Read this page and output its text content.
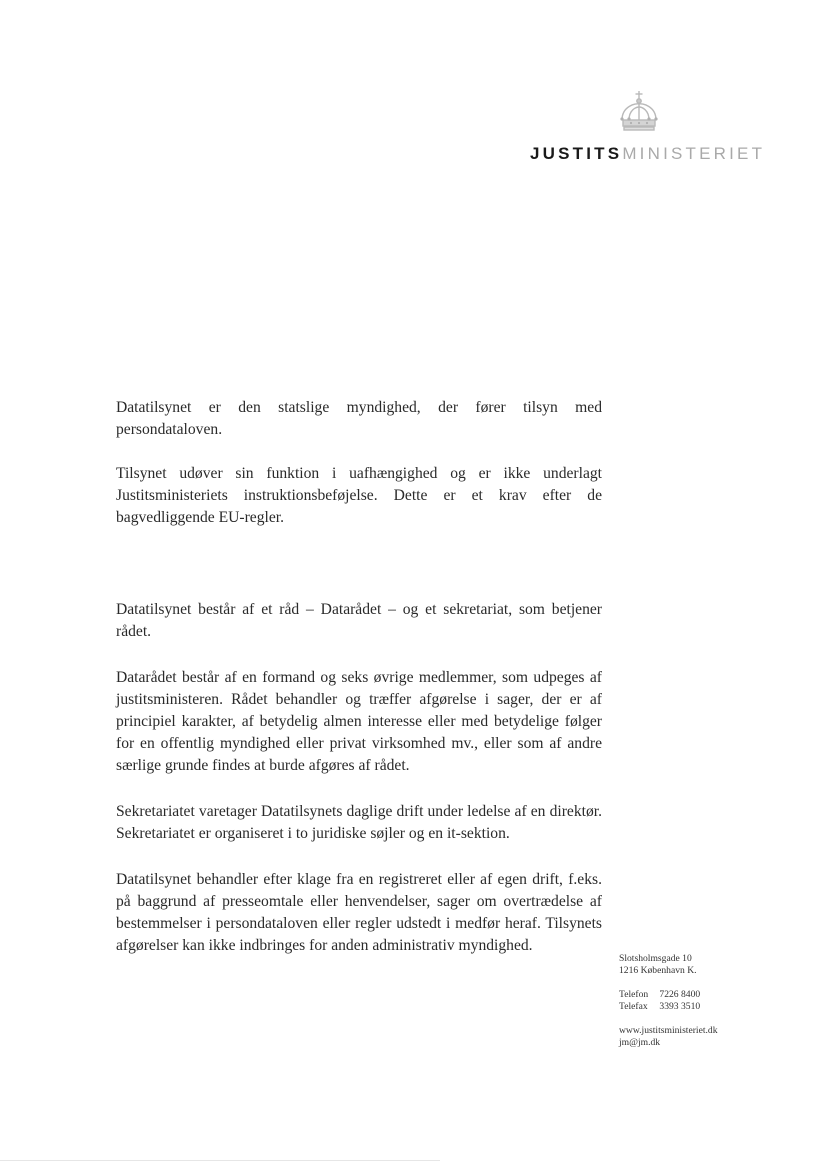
JUSTITSMINISTERIET

Datatilsynet er den statslige myndighed, der fører tilsyn med persondataloven.

Tilsynet udøver sin funktion i uafhængighed og er ikke underlagt Justitsministeriets instruktionsbeføjelse. Dette er et krav efter de bagvedliggende EU-regler.

Datatilsynet består af et råd – Datarådet – og et sekretariat, som betjener rådet.

Datarådet består af en formand og seks øvrige medlemmer, som udpeges af justitsministeren. Rådet behandler og træffer afgørelse i sager, der er af principiel karakter, af betydelig almen interesse eller med betydelige følger for en offentlig myndighed eller privat virksomhed mv., eller som af andre særlige grunde findes at burde afgøres af rådet.

Sekretariatet varetager Datatilsynets daglige drift under ledelse af en direktør. Sekretariatet er organiseret i to juridiske søjler og en it-sektion.

Datatilsynet behandler efter klage fra en registreret eller af egen drift, f.eks. på baggrund af presseomtale eller henvendelser, sager om overtrædelse af bestemmelser i persondataloven eller regler udstedt i medfør heraf. Tilsynets afgørelser kan ikke indbringes for anden administrativ myndighed.

Slotsholmsgade 10
1216 København K.
Telefon 7226 8400
Telefax 3393 3510
www.justitsministeriet.dk
jm@jm.dk
